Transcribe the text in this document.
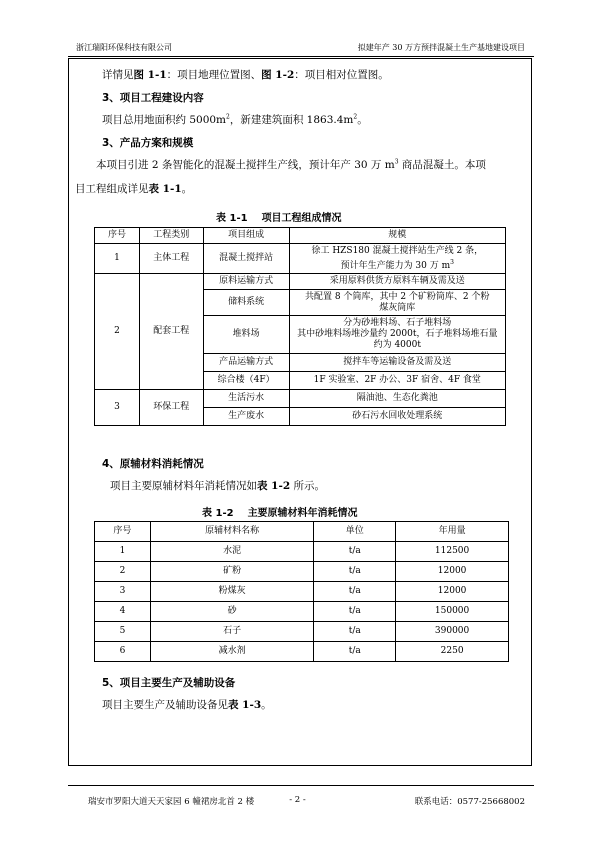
浙江瑞阳环保科技有限公司	拟建年产 30 万方预拌混凝土生产基地建设项目
详情见图 1-1：项目地理位置图、图 1-2：项目相对位置图。
3、项目工程建设内容
项目总用地面积约 $5000m^2$，新建建筑面积 $1863.4m^2$。
3、产品方案和规模
本项目引进 2 条智能化的混凝土搅拌生产线，预计年产 30 万 $m^3$ 商品混凝土。本项
目工程组成详见表 1-1。
表 1-1 项目工程组成情况
序号	工程类别	项目组成	规模
1	主体工程	混凝土搅拌站	徐工 HZS180 混凝土搅拌站生产线 2 条，
预计年生产能力为 30 万 $m^3$

2	配套工程	原料运输方式	采用原料供货方原料车辆及需及送
		储料系统	共配置 8 个筒库，其中 2 个矿粉筒库、2 个粉
煤灰筒库

		堆料场	分为砂堆料场、石子堆料场
其中砂堆料场堆沙量约 2000t，石子堆料场堆石量
约为 4000t

		产品运输方式	搅拌车等运输设备及需及送
		综合楼（4F）	1F 实验室、2F 办公、3F 宿舍、4F 食堂
3	环保工程	生活污水	隔油池、生态化粪池
		生产废水	砂石污水回收处理系统
4、原辅材料消耗情况
项目主要原辅材料年消耗情况如表 1-2 所示。
表 1-2 主要原辅材料年消耗情况
序号	原辅材料名称	单位	年用量
1	水泥	t/a	112500
2	矿粉	t/a	12000
3	粉煤灰	t/a	12000
4	砂	t/a	150000
5	石子	t/a	390000
6	减水剂	t/a	2250
5、项目主要生产及辅助设备
项目主要生产及辅助设备见表 1-3。
瑞安市罗阳大道天天家园 6 幢裙房北首 2 楼	- 2 -	联系电话：0577-25668002
